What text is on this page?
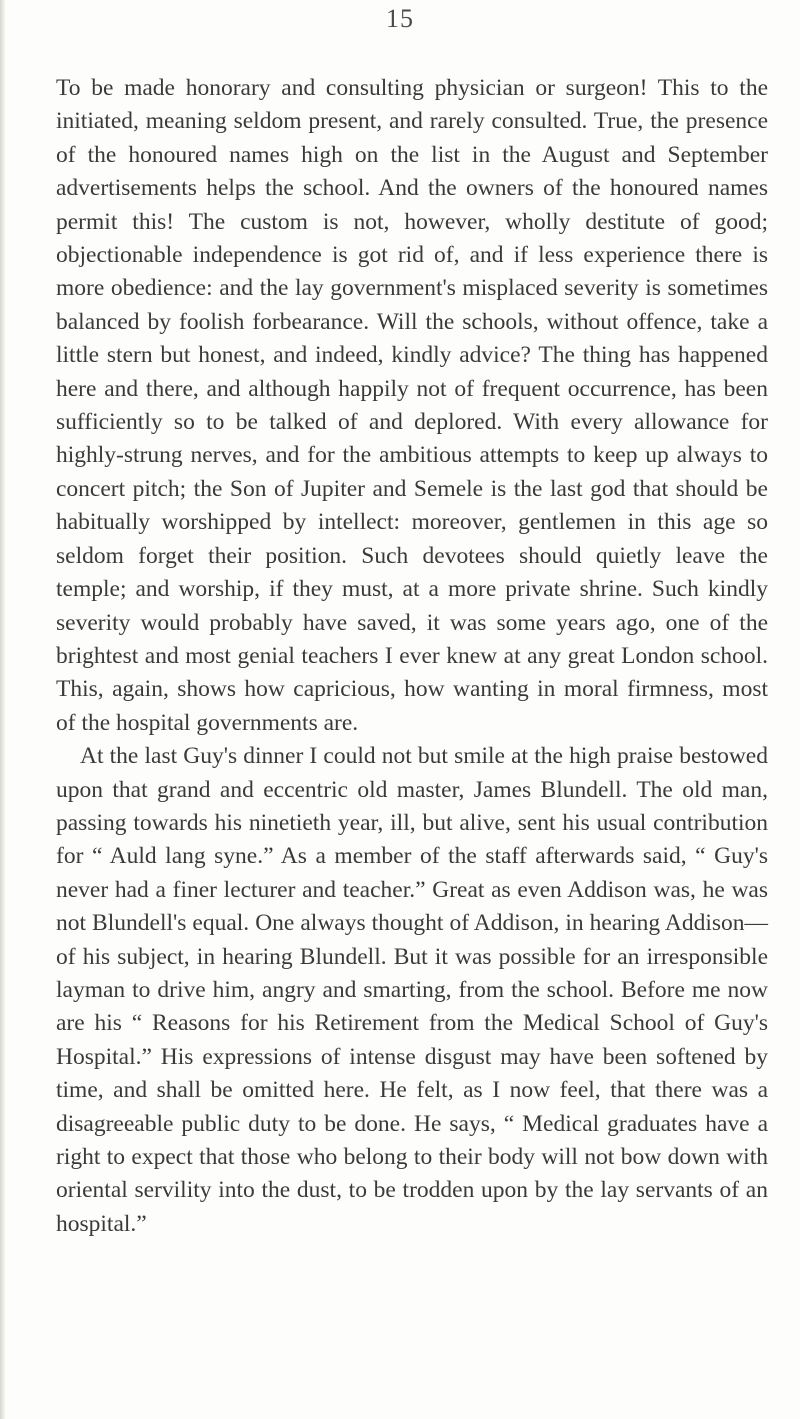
15

To be made honorary and consulting physician or surgeon! This to the initiated, meaning seldom present, and rarely consulted. True, the presence of the honoured names high on the list in the August and September advertisements helps the school. And the owners of the honoured names permit this! The custom is not, however, wholly destitute of good; objectionable independence is got rid of, and if less experience there is more obedience: and the lay government's misplaced severity is sometimes balanced by foolish forbearance. Will the schools, without offence, take a little stern but honest, and indeed, kindly advice? The thing has happened here and there, and although happily not of frequent occurrence, has been sufficiently so to be talked of and deplored. With every allowance for highly-strung nerves, and for the ambitious attempts to keep up always to concert pitch; the Son of Jupiter and Semele is the last god that should be habitually worshipped by intellect: moreover, gentlemen in this age so seldom forget their position. Such devotees should quietly leave the temple; and worship, if they must, at a more private shrine. Such kindly severity would probably have saved, it was some years ago, one of the brightest and most genial teachers I ever knew at any great London school. This, again, shows how capricious, how wanting in moral firmness, most of the hospital governments are.

At the last Guy's dinner I could not but smile at the high praise bestowed upon that grand and eccentric old master, James Blundell. The old man, passing towards his ninetieth year, ill, but alive, sent his usual contribution for “ Auld lang syne.” As a member of the staff afterwards said, “ Guy's never had a finer lecturer and teacher.” Great as even Addison was, he was not Blundell's equal. One always thought of Addison, in hearing Addison—of his subject, in hearing Blundell. But it was possible for an irresponsible layman to drive him, angry and smarting, from the school. Before me now are his “ Reasons for his Retirement from the Medical School of Guy's Hospital.” His expressions of intense disgust may have been softened by time, and shall be omitted here. He felt, as I now feel, that there was a disagreeable public duty to be done. He says, “ Medical graduates have a right to expect that those who belong to their body will not bow down with oriental servility into the dust, to be trodden upon by the lay servants of an hospital.”
